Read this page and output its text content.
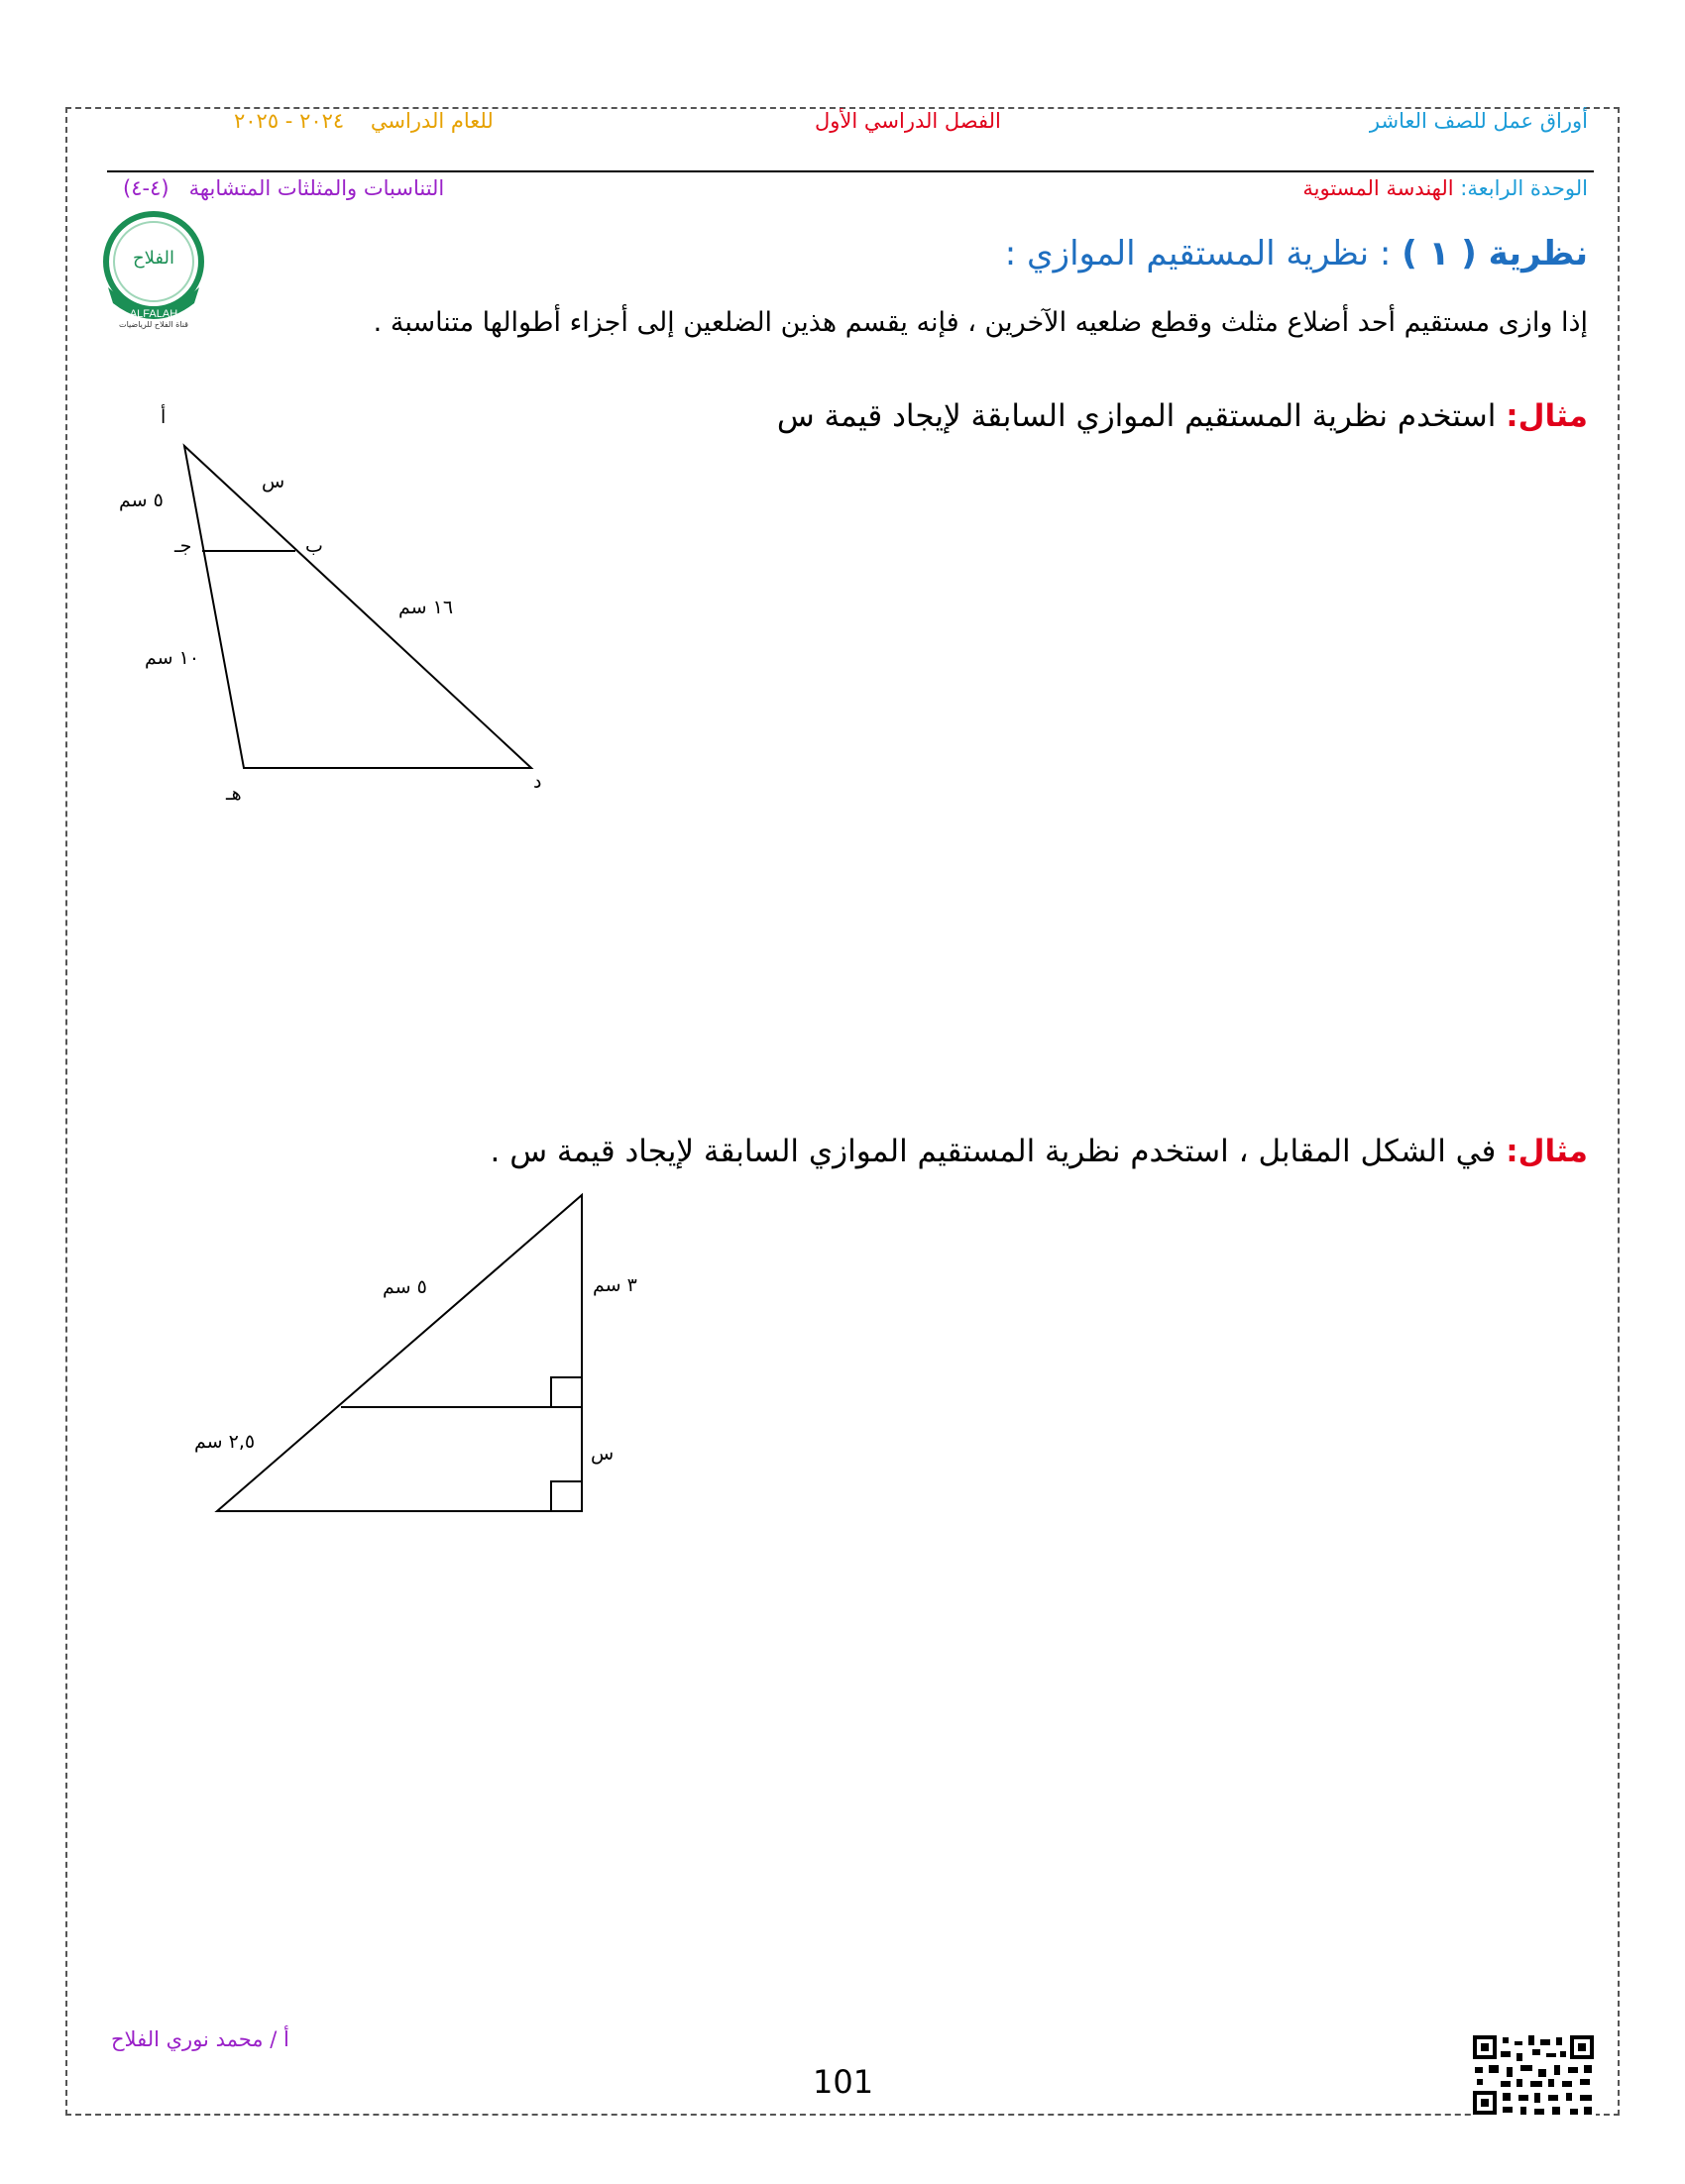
أوراق عمل للصف العاشر
الفصل الدراسي الأول
للعام الدراسي    ٢٠٢٤ - ٢٠٢٥
الوحدة الرابعة: الهندسة المستوية
التناسبات والمثلثات المتشابهة   (٤-٤)
ALFALAH
الفلاح
قناة الفلاح للرياضيات
نظرية ( ١ ) : نظرية المستقيم الموازي :
إذا وازى مستقيم أحد أضلاع مثلث وقطع ضلعيه الآخرين ، فإنه يقسم هذين الضلعين إلى أجزاء أطوالها متناسبة .
مثال: استخدم نظرية المستقيم الموازي السابقة لإيجاد قيمة س
أ
س
٥ سم
جـ	ب
١٦ سم
١٠ سم
د
هـ
مثال: في الشكل المقابل ، استخدم نظرية المستقيم الموازي السابقة لإيجاد قيمة س .
٥ سم	٣ سم
٢,٥ سم
ﺱ
أ / محمد نوري الفلاح
101
